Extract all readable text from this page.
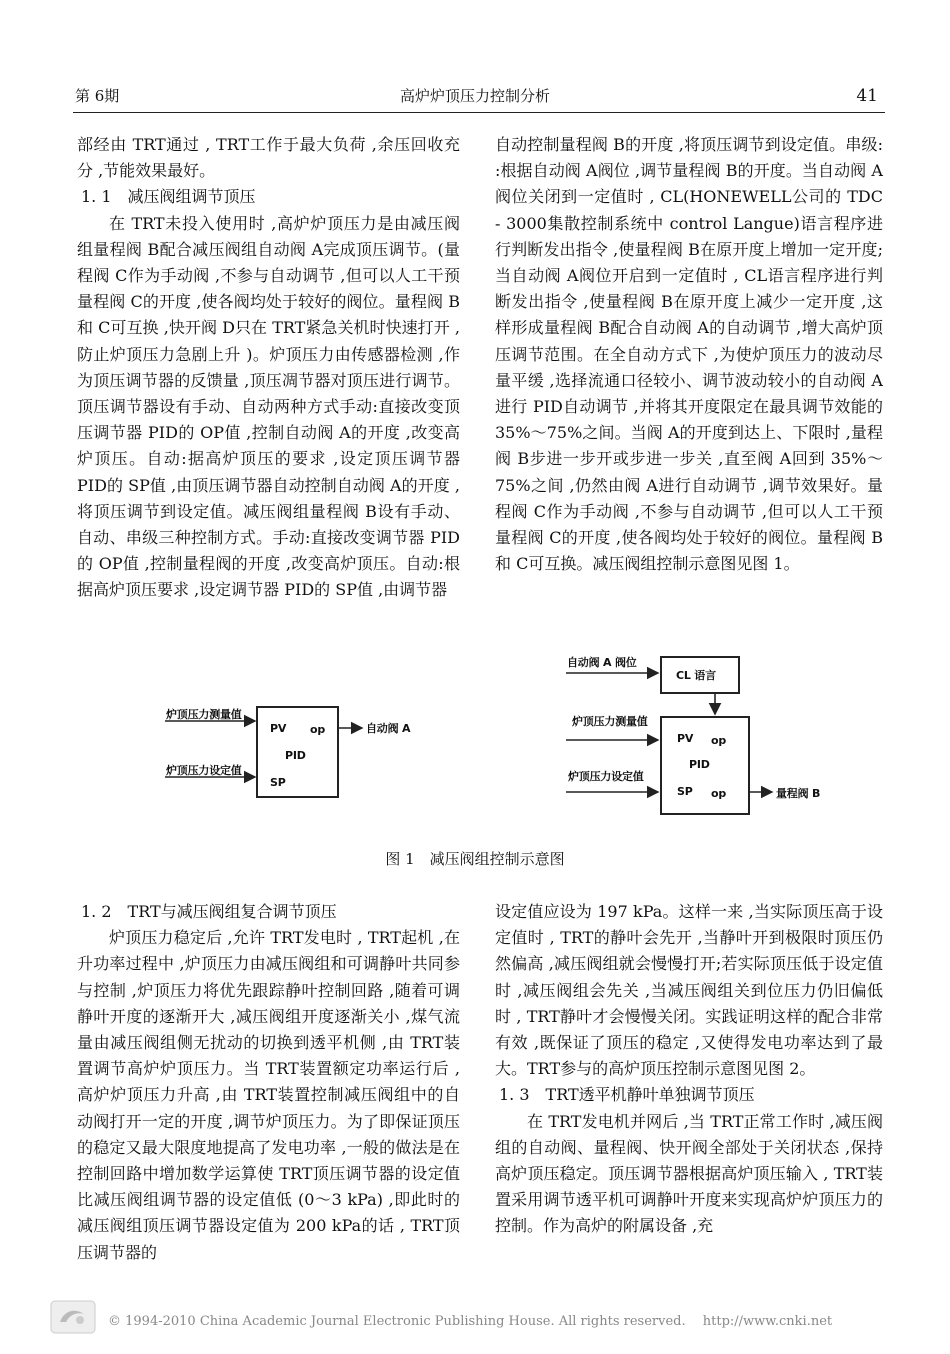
第 6期	高炉炉顶压力控制分析	41

部经由 TRT通过 , TRT工作于最大负荷 ,余压回收充分 ,节能效果最好。

1. 1　减压阀组调节顶压

在 TRT未投入使用时 ,高炉炉顶压力是由减压阀组量程阀 B配合减压阀组自动阀 A完成顶压调节。(量程阀 C作为手动阀 ,不参与自动调节 ,但可以人工干预量程阀 C的开度 ,使各阀均处于较好的阀位。量程阀 B和 C可互换 ,快开阀 D只在 TRT紧急关机时快速打开 ,防止炉顶压力急剧上升 )。炉顶压力由传感器检测 ,作为顶压调节器的反馈量 ,顶压凋节器对顶压进行调节。顶压调节器设有手动、自动两种方式手动:直接改变顶压调节器 PID的 OP值 ,控制自动阀 A的开度 ,改变高炉顶压。自动:据高炉顶压的要求 ,设定顶压调节器 PID的 SP值 ,由顶压调节器自动控制自动阀 A的开度 ,将顶压调节到设定值。减压阀组量程阀 B设有手动、自动、串级三种控制方式。手动:直接改变调节器 PID的 OP值 ,控制量程阀的开度 ,改变高炉顶压。自动:根据高炉顶压要求 ,设定调节器 PID的 SP值 ,由调节器

自动控制量程阀 B的开度 ,将顶压调节到设定值。串级: :根据自动阀 A阀位 ,调节量程阀 B的开度。当自动阀 A阀位关闭到一定值时 , CL(HONEWELL公司的 TDC - 3000集散控制系统中 control Langue)语言程序进行判断发出指令 ,使量程阀 B在原开度上增加一定开度;当自动阀 A阀位开启到一定值时 , CL语言程序进行判断发出指令 ,使量程阀 B在原开度上减少一定开度 ,这样形成量程阀 B配合自动阀 A的自动调节 ,增大高炉顶压调节范围。在全自动方式下 ,为使炉顶压力的波动尽量平缓 ,选择流通口径较小、调节波动较小的自动阀 A进行 PID自动调节 ,并将其开度限定在最具调节效能的 35%～75%之间。当阀 A的开度到达上、下限时 ,量程阀 B步进一步开或步进一步关 ,直至阀 A回到 35%～75%之间 ,仍然由阀 A进行自动调节 ,调节效果好。量程阀 C作为手动阀 ,不参与自动调节 ,但可以人工干预量程阀 C的开度 ,使各阀均处于较好的阀位。量程阀 B和 C可互换。减压阀组控制示意图见图 1。

炉顶压力测量值
炉顶压力设定值
PV op
PID
SP
自动阀 A
自动阀 A 阀位
CL 语言
炉顶压力测量值
炉顶压力设定值
PV op
PID
SP op	量程阀 B
图 1　减压阀组控制示意图

1. 2　TRT与减压阀组复合调节顶压

炉顶压力稳定后 ,允许 TRT发电时 , TRT起机 ,在升功率过程中 ,炉顶压力由减压阀组和可调静叶共同参与控制 ,炉顶压力将优先跟踪静叶控制回路 ,随着可调静叶开度的逐渐开大 ,减压阀组开度逐渐关小 ,煤气流量由减压阀组侧无扰动的切换到透平机侧 ,由 TRT装置调节高炉炉顶压力。当 TRT装置额定功率运行后 ,高炉炉顶压力升高 ,由 TRT装置控制减压阀组中的自动阀打开一定的开度 ,调节炉顶压力。为了即保证顶压的稳定又最大限度地提高了发电功率 ,一般的做法是在控制回路中增加数学运算使 TRT顶压调节器的设定值比减压阀组调节器的设定值低 (0～3 kPa) ,即此时的减压阀组顶压调节器设定值为 200 kPa的话 , TRT顶压调节器的

设定值应设为 197 kPa。这样一来 ,当实际顶压高于设定值时 , TRT的静叶会先开 ,当静叶开到极限时顶压仍然偏高 ,减压阀组就会慢慢打开;若实际顶压低于设定值时 ,减压阀组会先关 ,当减压阀组关到位压力仍旧偏低时 , TRT静叶才会慢慢关闭。实践证明这样的配合非常有效 ,既保证了顶压的稳定 ,又使得发电功率达到了最大。TRT参与的高炉顶压控制示意图见图 2。

1. 3　TRT透平机静叶单独调节顶压

在 TRT发电机并网后 ,当 TRT正常工作时 ,减压阀组的自动阀、量程阀、快开阀全部处于关闭状态 ,保持高炉顶压稳定。顶压调节器根据高炉顶压输入 , TRT装置采用调节透平机可调静叶开度来实现高炉炉顶压力的控制。作为高炉的附属设备 ,充

© 1994-2010 China Academic Journal Electronic Publishing House. All rights reserved.　 http://www.cnki.net
